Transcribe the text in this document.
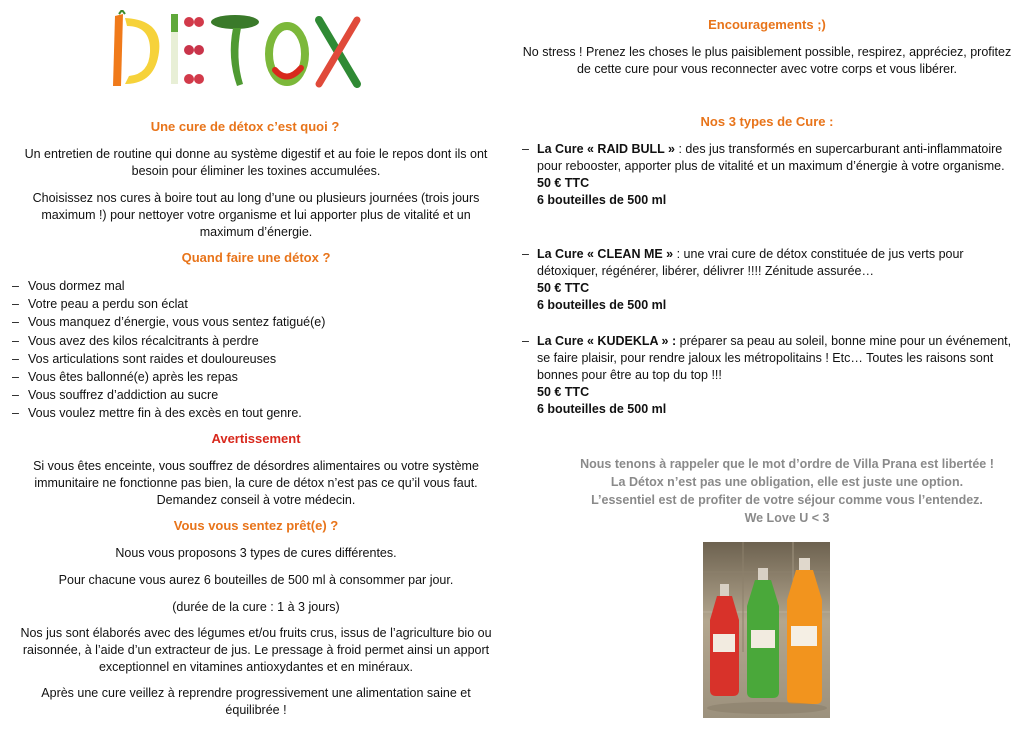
Une cure de détox c’est quoi ?

Un entretien de routine qui donne au système digestif et au foie le repos dont ils ont besoin pour éliminer les toxines accumulées.

Choisissez nos cures à boire tout au long d’une ou plusieurs journées (trois jours maximum !) pour nettoyer votre organisme et lui apporter plus de vitalité et un maximum d’énergie.

Quand faire une détox ?
– Vous dormez mal
– Votre peau a perdu son éclat
– Vous manquez d’énergie, vous vous sentez fatigué(e)
– Vous avez des kilos récalcitrants à perdre
– Vos articulations sont raides et douloureuses
– Vous êtes ballonné(e) après les repas
– Vous souffrez d’addiction au sucre
– Vous voulez mettre fin à des excès en tout genre.
Avertissement

Si vous êtes enceinte, vous souffrez de désordres alimentaires ou votre système immunitaire ne fonctionne pas bien, la cure de détox n’est pas ce qu’il vous faut. Demandez conseil à votre médecin.

Vous vous sentez prêt(e) ?

Nous vous proposons 3 types de cures différentes.

Pour chacune vous aurez 6 bouteilles de 500 ml à consommer par jour.

(durée de la cure : 1 à 3 jours)

Nos jus sont élaborés avec des légumes et/ou fruits crus, issus de l’agriculture bio ou raisonnée, à l’aide d’un extracteur de jus. Le pressage à froid permet ainsi un apport exceptionnel en vitamines antioxydantes et en minéraux.

Après une cure veillez à reprendre progressivement une alimentation saine et équilibrée !

Encouragements ;)

No stress ! Prenez les choses le plus paisiblement possible, respirez, appréciez, profitez de cette cure pour vous reconnecter avec votre corps et vous libérer.

Nos 3 types de Cure :
– La Cure « RAID BULL » : des jus transformés en supercarburant anti-inflammatoire pour rebooster, apporter plus de vitalité et un maximum d’énergie à votre organisme.
50 € TTC
6 bouteilles de 500 ml
– La Cure « CLEAN ME » : une vrai cure de détox constituée de jus verts pour détoxiquer, régénérer, libérer, délivrer !!!! Zénitude assurée…
50 € TTC
6 bouteilles de 500 ml
– La Cure « KUDEKLA » : préparer sa peau au soleil, bonne mine pour un événement, se faire plaisir, pour rendre jaloux les métropolitains ! Etc… Toutes les raisons sont bonnes pour être au top du top !!!
50 € TTC
6 bouteilles de 500 ml
Nous tenons à rappeler que le mot d’ordre de Villa Prana est libertée !
La Détox n’est pas une obligation, elle est juste une option.
L’essentiel est de profiter de votre séjour comme vous l’entendez.
We Love U < 3
